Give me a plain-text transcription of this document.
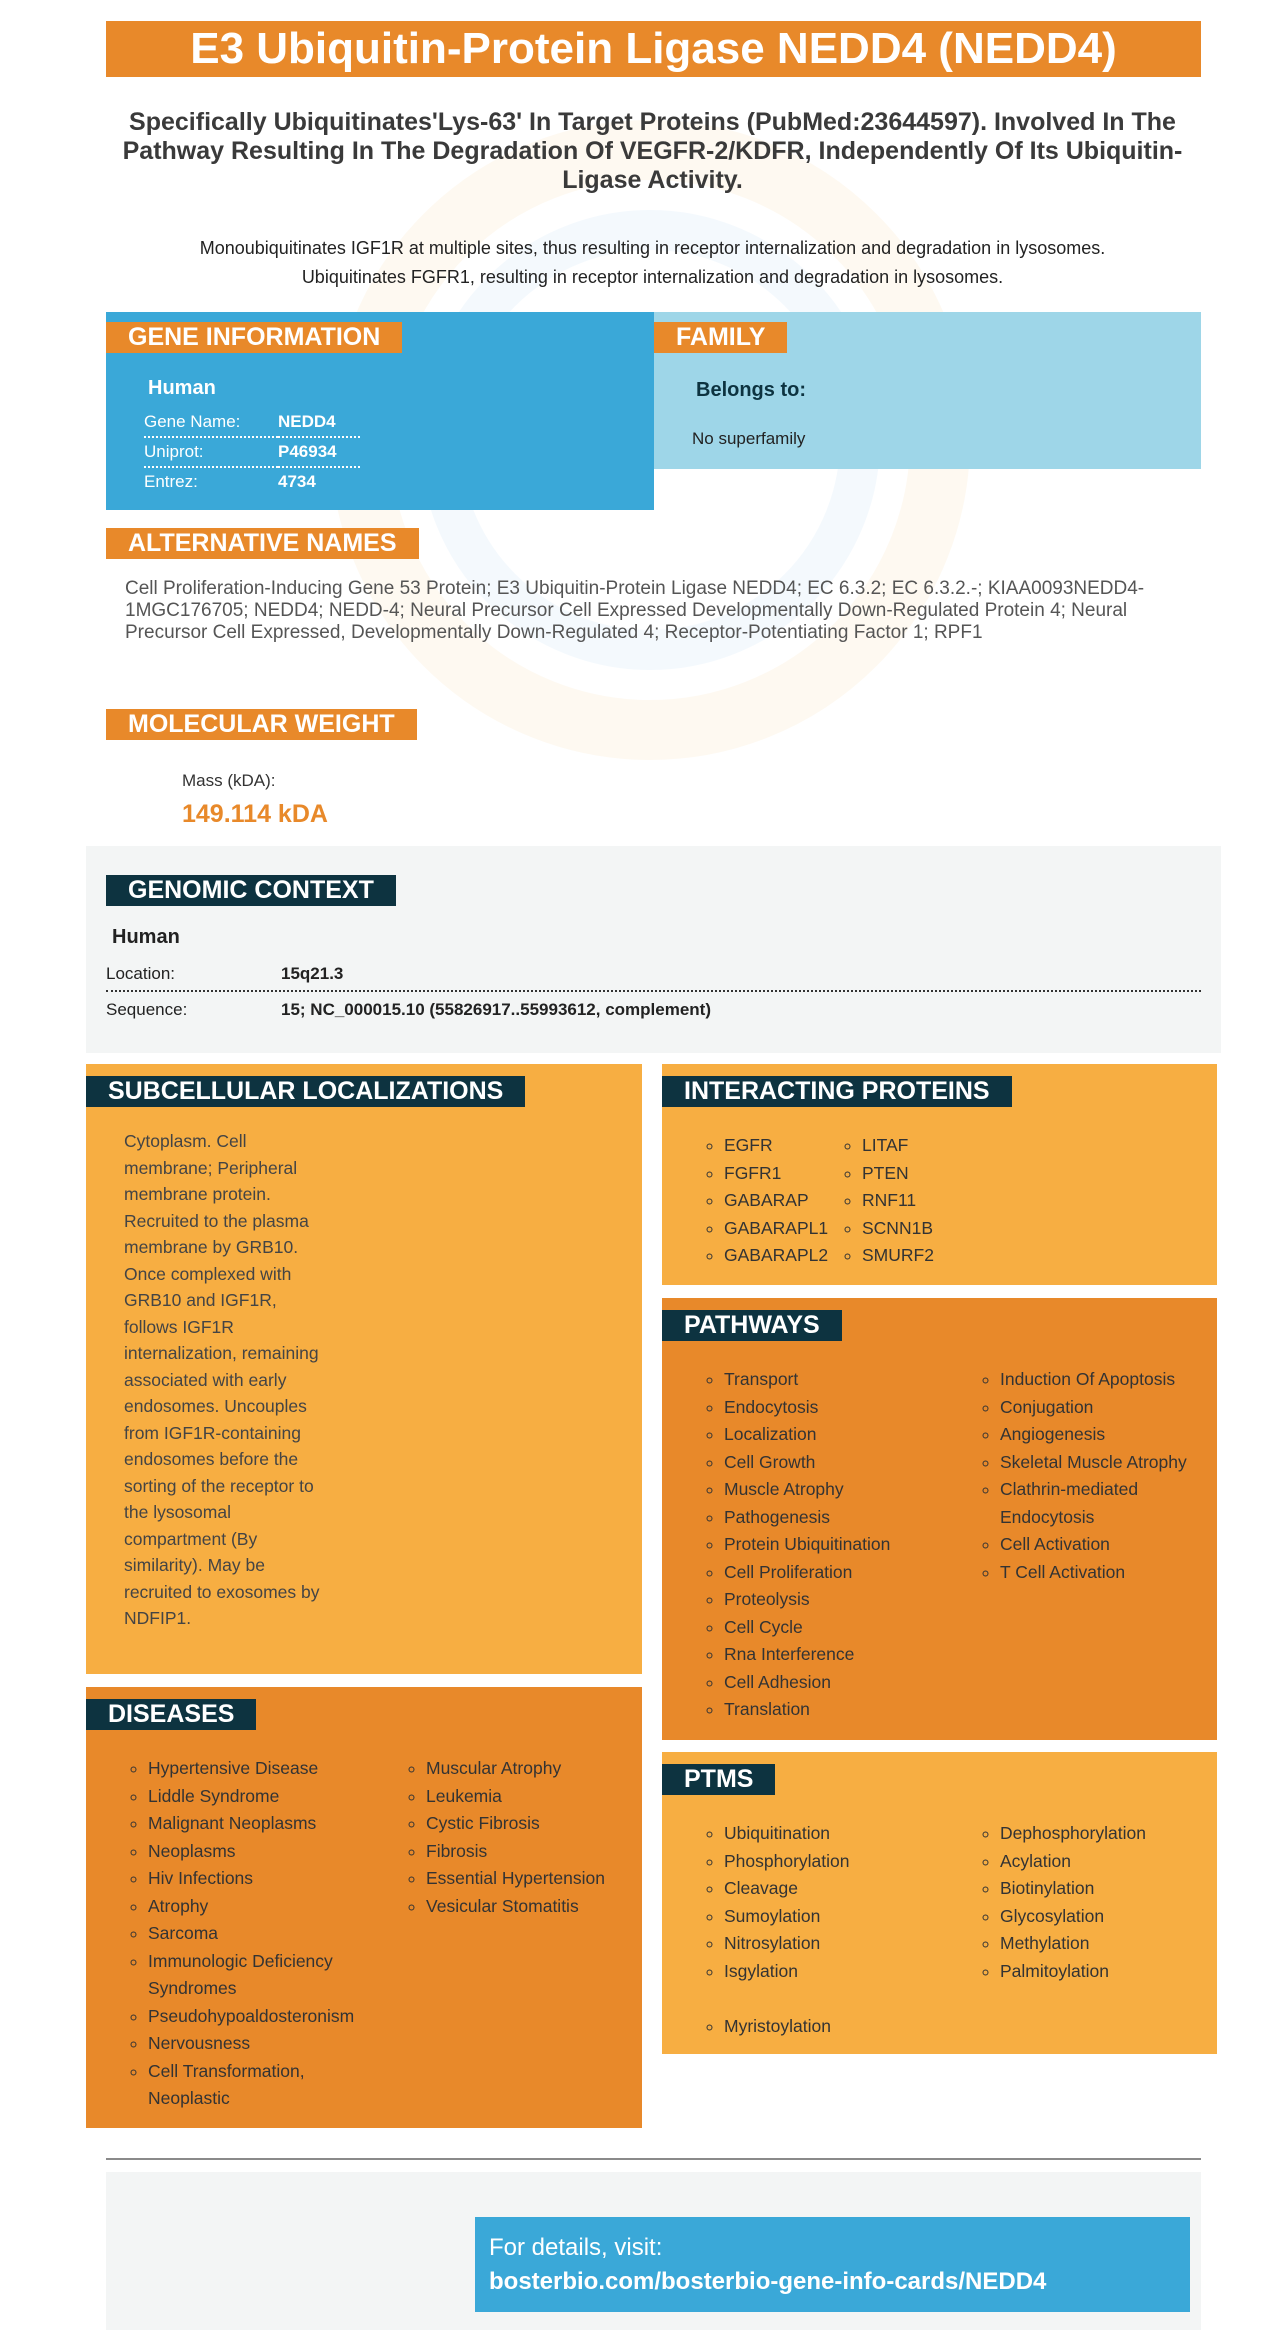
E3 Ubiquitin-Protein Ligase NEDD4 (NEDD4)
Specifically Ubiquitinates'Lys-63' In Target Proteins (PubMed:23644597). Involved In The Pathway Resulting In The Degradation Of VEGFR-2/KDFR, Independently Of Its Ubiquitin-Ligase Activity.
Monoubiquitinates IGF1R at multiple sites, thus resulting in receptor internalization and degradation in lysosomes.
Ubiquitinates FGFR1, resulting in receptor internalization and degradation in lysosomes.
GENE INFORMATION
Human
Gene Name:	NEDD4
Uniprot:	P46934
Entrez:	4734
FAMILY
Belongs to:
No superfamily
ALTERNATIVE NAMES
Cell Proliferation-Inducing Gene 53 Protein; E3 Ubiquitin-Protein Ligase NEDD4; EC 6.3.2; EC 6.3.2.-; KIAA0093NEDD4-1MGC176705; NEDD4; NEDD-4; Neural Precursor Cell Expressed Developmentally Down-Regulated Protein 4; Neural Precursor Cell Expressed, Developmentally Down-Regulated 4; Receptor-Potentiating Factor 1; RPF1
MOLECULAR WEIGHT
Mass (kDA):
149.114 kDA
GENOMIC CONTEXT
Human
Location:	15q21.3
Sequence:	15; NC_000015.10 (55826917..55993612, complement)
SUBCELLULAR LOCALIZATIONS
Cytoplasm. Cell
membrane; Peripheral
membrane protein.
Recruited to the plasma
membrane by GRB10.
Once complexed with
GRB10 and IGF1R,
follows IGF1R
internalization, remaining
associated with early
endosomes. Uncouples
from IGF1R-containing
endosomes before the
sorting of the receptor to
the lysosomal
compartment (By
similarity). May be
recruited to exosomes by
NDFIP1.
DISEASES
◦ Hypertensive Disease
◦ Liddle Syndrome
◦ Malignant Neoplasms
◦ Neoplasms
◦ Hiv Infections
◦ Atrophy
◦ Sarcoma
◦ Immunologic Deficiency Syndromes
◦ Pseudohypoaldosteronism
◦ Nervousness
◦ Cell Transformation, Neoplastic
◦ Muscular Atrophy
◦ Leukemia
◦ Cystic Fibrosis
◦ Fibrosis
◦ Essential Hypertension
◦ Vesicular Stomatitis
INTERACTING PROTEINS
◦ EGFR
◦ FGFR1
◦ GABARAP
◦ GABARAPL1
◦ GABARAPL2
◦ LITAF
◦ PTEN
◦ RNF11
◦ SCNN1B
◦ SMURF2
PATHWAYS
◦ Transport
◦ Endocytosis
◦ Localization
◦ Cell Growth
◦ Muscle Atrophy
◦ Pathogenesis
◦ Protein Ubiquitination
◦ Cell Proliferation
◦ Proteolysis
◦ Cell Cycle
◦ Rna Interference
◦ Cell Adhesion
◦ Translation
◦ Induction Of Apoptosis
◦ Conjugation
◦ Angiogenesis
◦ Skeletal Muscle Atrophy
◦ Clathrin-mediated Endocytosis
◦ Cell Activation
◦ T Cell Activation
PTMS
◦ Ubiquitination
◦ Phosphorylation
◦ Cleavage
◦ Sumoylation
◦ Nitrosylation
◦ Isgylation
◦ Dephosphorylation
◦ Acylation
◦ Biotinylation
◦ Glycosylation
◦ Methylation
◦ Palmitoylation
◦ Myristoylation
For details, visit:
bosterbio.com/bosterbio-gene-info-cards/NEDD4
